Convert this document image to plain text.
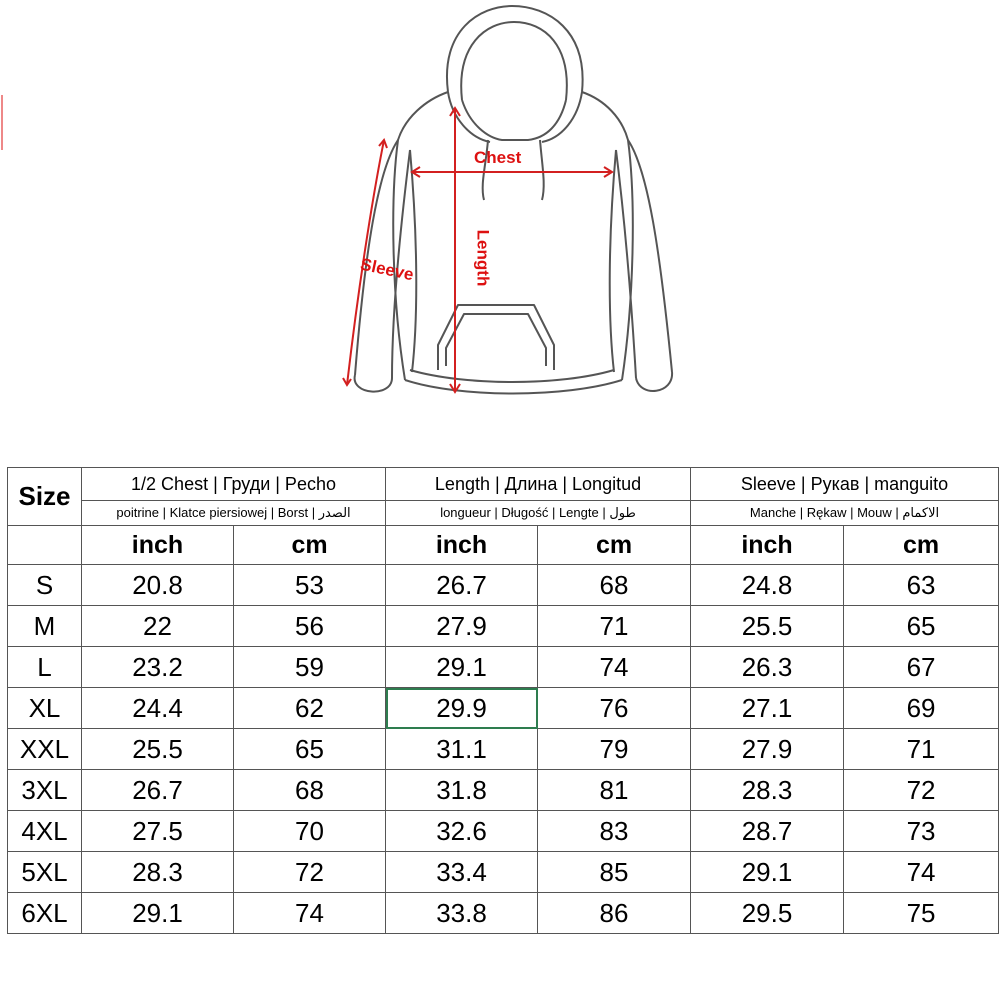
Chest
Length
Sleeve
Size	1/2 Chest | Груди | Pecho		Length | Длина | Longitud		Sleeve | Рукав | manguito	
	poitrine | Klatce piersiowej | Borst | الصدر		longueur | Długość | Lengte | طول		Manche | Rękaw | Mouw | الاكمام	
	inch	cm	inch	cm	inch	cm
S	20.8	53	26.7	68	24.8	63
M	22	56	27.9	71	25.5	65
L	23.2	59	29.1	74	26.3	67
XL	24.4	62	29.9	76	27.1	69
XXL	25.5	65	31.1	79	27.9	71
3XL	26.7	68	31.8	81	28.3	72
4XL	27.5	70	32.6	83	28.7	73
5XL	28.3	72	33.4	85	29.1	74
6XL	29.1	74	33.8	86	29.5	75
